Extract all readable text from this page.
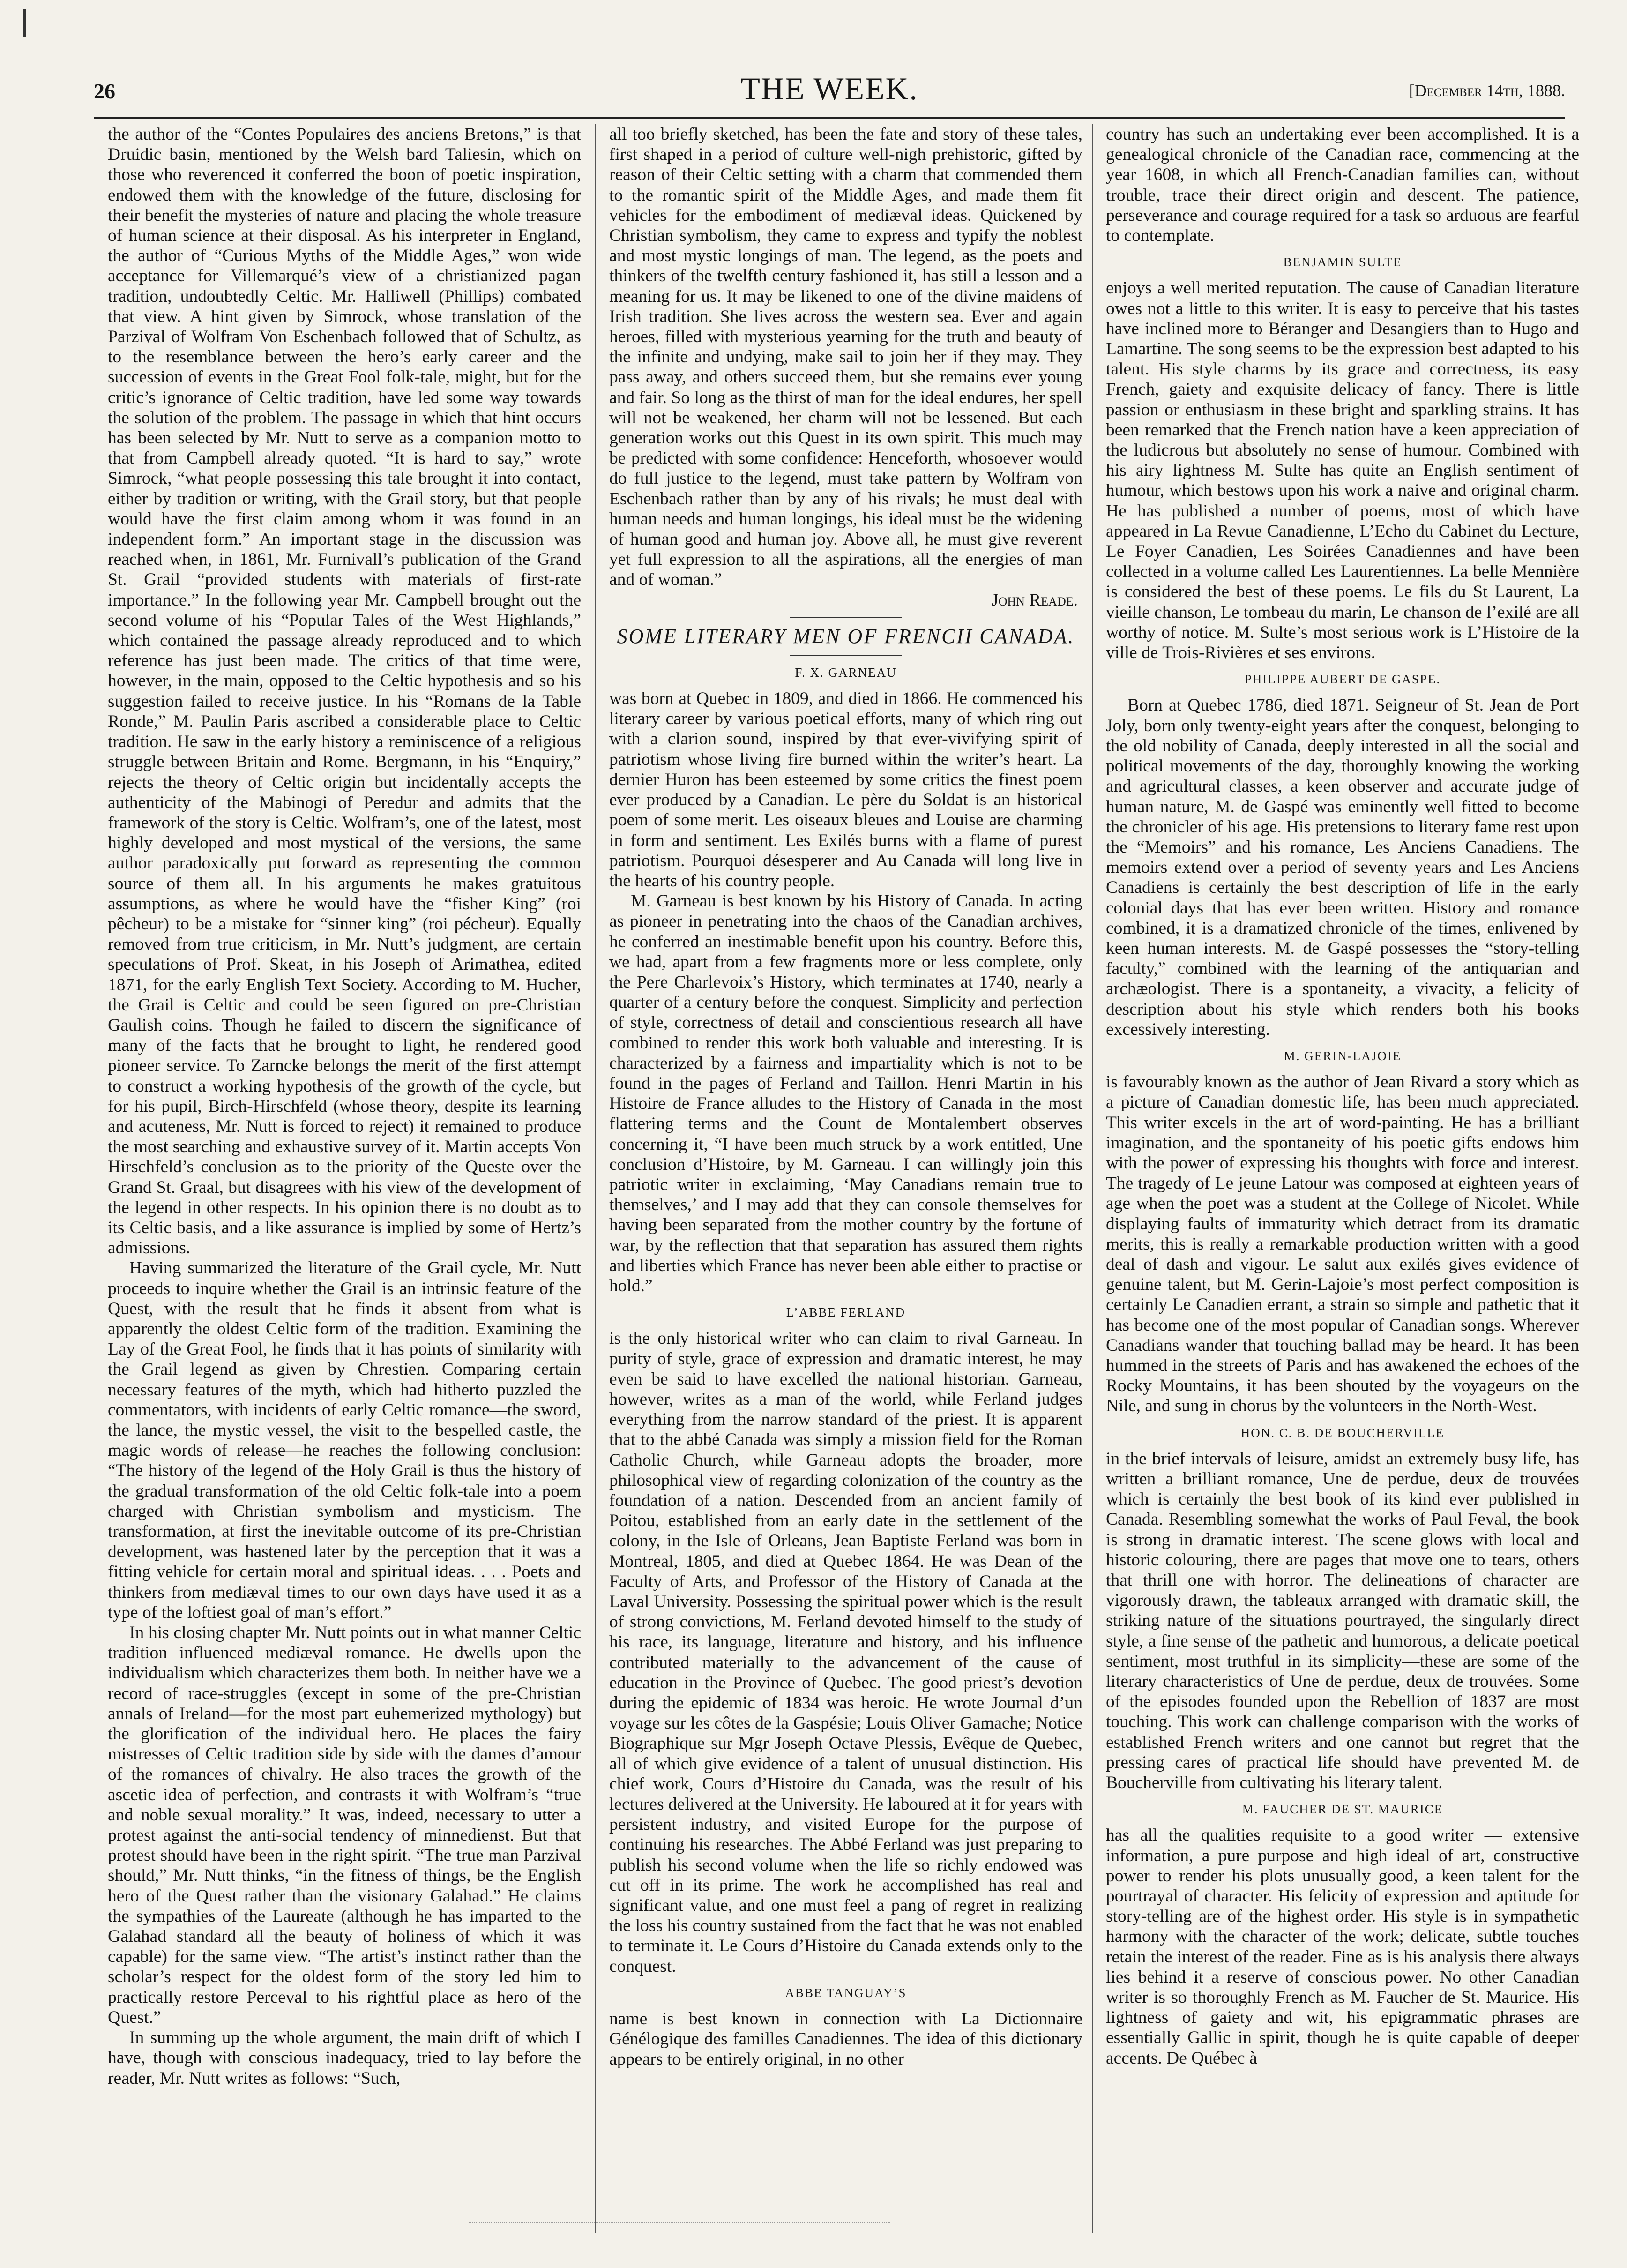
26	THE WEEK.	[December 14th, 1888.

the author of the “Contes Populaires des anciens Bretons,” is that Druidic basin, mentioned by the Welsh bard Taliesin, which on those who reverenced it conferred the boon of poetic inspiration, endowed them with the knowledge of the future, disclosing for their benefit the mysteries of nature and placing the whole treasure of human science at their disposal. As his interpreter in England, the author of “Curious Myths of the Middle Ages,” won wide acceptance for Villemarqué’s view of a christianized pagan tradition, undoubtedly Celtic. Mr. Halliwell (Phillips) combated that view. A hint given by Simrock, whose translation of the Parzival of Wolfram Von Eschenbach followed that of Schultz, as to the resemblance between the hero’s early career and the succession of events in the Great Fool folk-tale, might, but for the critic’s ignorance of Celtic tradition, have led some way towards the solution of the problem. The passage in which that hint occurs has been selected by Mr. Nutt to serve as a companion motto to that from Campbell already quoted. “It is hard to say,” wrote Simrock, “what people possessing this tale brought it into contact, either by tradition or writing, with the Grail story, but that people would have the first claim among whom it was found in an independent form.” An important stage in the discussion was reached when, in 1861, Mr. Furnivall’s publication of the Grand St. Grail “provided students with materials of first-rate importance.” In the following year Mr. Campbell brought out the second volume of his “Popular Tales of the West Highlands,” which contained the passage already reproduced and to which reference has just been made. The critics of that time were, however, in the main, opposed to the Celtic hypothesis and so his suggestion failed to receive justice. In his “Romans de la Table Ronde,” M. Paulin Paris ascribed a considerable place to Celtic tradition. He saw in the early history a reminiscence of a religious struggle between Britain and Rome. Bergmann, in his “Enquiry,” rejects the theory of Celtic origin but incidentally accepts the authenticity of the Mabinogi of Peredur and admits that the framework of the story is Celtic. Wolfram’s, one of the latest, most highly developed and most mystical of the versions, the same author paradoxically put forward as representing the common source of them all. In his arguments he makes gratuitous assumptions, as where he would have the “fisher King” (roi pêcheur) to be a mistake for “sinner king” (roi pécheur). Equally removed from true criticism, in Mr. Nutt’s judgment, are certain speculations of Prof. Skeat, in his Joseph of Arimathea, edited 1871, for the early English Text Society. According to M. Hucher, the Grail is Celtic and could be seen figured on pre-Christian Gaulish coins. Though he failed to discern the significance of many of the facts that he brought to light, he rendered good pioneer service. To Zarncke belongs the merit of the first attempt to construct a working hypothesis of the growth of the cycle, but for his pupil, Birch-Hirschfeld (whose theory, despite its learning and acuteness, Mr. Nutt is forced to reject) it remained to produce the most searching and exhaustive survey of it. Martin accepts Von Hirschfeld’s conclusion as to the priority of the Queste over the Grand St. Graal, but disagrees with his view of the development of the legend in other respects. In his opinion there is no doubt as to its Celtic basis, and a like assurance is implied by some of Hertz’s admissions.

Having summarized the literature of the Grail cycle, Mr. Nutt proceeds to inquire whether the Grail is an intrinsic feature of the Quest, with the result that he finds it absent from what is apparently the oldest Celtic form of the tradition. Examining the Lay of the Great Fool, he finds that it has points of similarity with the Grail legend as given by Chrestien. Comparing certain necessary features of the myth, which had hitherto puzzled the commentators, with incidents of early Celtic romance—the sword, the lance, the mystic vessel, the visit to the bespelled castle, the magic words of release—he reaches the following conclusion: “The history of the legend of the Holy Grail is thus the history of the gradual transformation of the old Celtic folk-tale into a poem charged with Christian symbolism and mysticism. The transformation, at first the inevitable outcome of its pre-Christian development, was hastened later by the perception that it was a fitting vehicle for certain moral and spiritual ideas. . . . Poets and thinkers from mediæval times to our own days have used it as a type of the loftiest goal of man’s effort.”

In his closing chapter Mr. Nutt points out in what manner Celtic tradition influenced mediæval romance. He dwells upon the individualism which characterizes them both. In neither have we a record of race-struggles (except in some of the pre-Christian annals of Ireland—for the most part euhemerized mythology) but the glorification of the individual hero. He places the fairy mistresses of Celtic tradition side by side with the dames d’amour of the romances of chivalry. He also traces the growth of the ascetic idea of perfection, and contrasts it with Wolfram’s “true and noble sexual morality.” It was, indeed, necessary to utter a protest against the anti-social tendency of minnedienst. But that protest should have been in the right spirit. “The true man Parzival should,” Mr. Nutt thinks, “in the fitness of things, be the English hero of the Quest rather than the visionary Galahad.” He claims the sympathies of the Laureate (although he has imparted to the Galahad standard all the beauty of holiness of which it was capable) for the same view. “The artist’s instinct rather than the scholar’s respect for the oldest form of the story led him to practically restore Perceval to his rightful place as hero of the Quest.”

In summing up the whole argument, the main drift of which I have, though with conscious inadequacy, tried to lay before the reader, Mr. Nutt writes as follows: “Such,

all too briefly sketched, has been the fate and story of these tales, first shaped in a period of culture well-nigh prehistoric, gifted by reason of their Celtic setting with a charm that commended them to the romantic spirit of the Middle Ages, and made them fit vehicles for the embodiment of mediæval ideas. Quickened by Christian symbolism, they came to express and typify the noblest and most mystic longings of man. The legend, as the poets and thinkers of the twelfth century fashioned it, has still a lesson and a meaning for us. It may be likened to one of the divine maidens of Irish tradition. She lives across the western sea. Ever and again heroes, filled with mysterious yearning for the truth and beauty of the infinite and undying, make sail to join her if they may. They pass away, and others succeed them, but she remains ever young and fair. So long as the thirst of man for the ideal endures, her spell will not be weakened, her charm will not be lessened. But each generation works out this Quest in its own spirit. This much may be predicted with some confidence: Henceforth, whosoever would do full justice to the legend, must take pattern by Wolfram von Eschenbach rather than by any of his rivals; he must deal with human needs and human longings, his ideal must be the widening of human good and human joy. Above all, he must give reverent yet full expression to all the aspirations, all the energies of man and of woman.”

John Reade.
SOME LITERARY MEN OF FRENCH CANADA.
F. X. GARNEAU

was born at Quebec in 1809, and died in 1866. He commenced his literary career by various poetical efforts, many of which ring out with a clarion sound, inspired by that ever-vivifying spirit of patriotism whose living fire burned within the writer’s heart. La dernier Huron has been esteemed by some critics the finest poem ever produced by a Canadian. Le père du Soldat is an historical poem of some merit. Les oiseaux bleues and Louise are charming in form and sentiment. Les Exilés burns with a flame of purest patriotism. Pourquoi désesperer and Au Canada will long live in the hearts of his country people.

M. Garneau is best known by his History of Canada. In acting as pioneer in penetrating into the chaos of the Canadian archives, he conferred an inestimable benefit upon his country. Before this, we had, apart from a few fragments more or less complete, only the Pere Charlevoix’s History, which terminates at 1740, nearly a quarter of a century before the conquest. Simplicity and perfection of style, correctness of detail and conscientious research all have combined to render this work both valuable and interesting. It is characterized by a fairness and impartiality which is not to be found in the pages of Ferland and Taillon. Henri Martin in his Histoire de France alludes to the History of Canada in the most flattering terms and the Count de Montalembert observes concerning it, “I have been much struck by a work entitled, Une conclusion d’Histoire, by M. Garneau. I can willingly join this patriotic writer in exclaiming, ‘May Canadians remain true to themselves,’ and I may add that they can console themselves for having been separated from the mother country by the fortune of war, by the reflection that that separation has assured them rights and liberties which France has never been able either to practise or hold.”

L’ABBE FERLAND

is the only historical writer who can claim to rival Garneau. In purity of style, grace of expression and dramatic interest, he may even be said to have excelled the national historian. Garneau, however, writes as a man of the world, while Ferland judges everything from the narrow standard of the priest. It is apparent that to the abbé Canada was simply a mission field for the Roman Catholic Church, while Garneau adopts the broader, more philosophical view of regarding colonization of the country as the foundation of a nation. Descended from an ancient family of Poitou, established from an early date in the settlement of the colony, in the Isle of Orleans, Jean Baptiste Ferland was born in Montreal, 1805, and died at Quebec 1864. He was Dean of the Faculty of Arts, and Professor of the History of Canada at the Laval University. Possessing the spiritual power which is the result of strong convictions, M. Ferland devoted himself to the study of his race, its language, literature and history, and his influence contributed materially to the advancement of the cause of education in the Province of Quebec. The good priest’s devotion during the epidemic of 1834 was heroic. He wrote Journal d’un voyage sur les côtes de la Gaspésie; Louis Oliver Gamache; Notice Biographique sur Mgr Joseph Octave Plessis, Evêque de Quebec, all of which give evidence of a talent of unusual distinction. His chief work, Cours d’Histoire du Canada, was the result of his lectures delivered at the University. He laboured at it for years with persistent industry, and visited Europe for the purpose of continuing his researches. The Abbé Ferland was just preparing to publish his second volume when the life so richly endowed was cut off in its prime. The work he accomplished has real and significant value, and one must feel a pang of regret in realizing the loss his country sustained from the fact that he was not enabled to terminate it. Le Cours d’Histoire du Canada extends only to the conquest.

ABBE TANGUAY’S

name is best known in connection with La Dictionnaire Génélogique des familles Canadiennes. The idea of this dictionary appears to be entirely original, in no other

country has such an undertaking ever been accomplished. It is a genealogical chronicle of the Canadian race, commencing at the year 1608, in which all French-Canadian families can, without trouble, trace their direct origin and descent. The patience, perseverance and courage required for a task so arduous are fearful to contemplate.

BENJAMIN SULTE

enjoys a well merited reputation. The cause of Canadian literature owes not a little to this writer. It is easy to perceive that his tastes have inclined more to Béranger and Desangiers than to Hugo and Lamartine. The song seems to be the expression best adapted to his talent. His style charms by its grace and correctness, its easy French, gaiety and exquisite delicacy of fancy. There is little passion or enthusiasm in these bright and sparkling strains. It has been remarked that the French nation have a keen appreciation of the ludicrous but absolutely no sense of humour. Combined with his airy lightness M. Sulte has quite an English sentiment of humour, which bestows upon his work a naive and original charm. He has published a number of poems, most of which have appeared in La Revue Canadienne, L’Echo du Cabinet du Lecture, Le Foyer Canadien, Les Soirées Canadiennes and have been collected in a volume called Les Laurentiennes. La belle Mennière is considered the best of these poems. Le fils du St Laurent, La vieille chanson, Le tombeau du marin, Le chanson de l’exilé are all worthy of notice. M. Sulte’s most serious work is L’Histoire de la ville de Trois-Rivières et ses environs.

PHILIPPE AUBERT DE GASPE.

Born at Quebec 1786, died 1871. Seigneur of St. Jean de Port Joly, born only twenty-eight years after the conquest, belonging to the old nobility of Canada, deeply interested in all the social and political movements of the day, thoroughly knowing the working and agricultural classes, a keen observer and accurate judge of human nature, M. de Gaspé was eminently well fitted to become the chronicler of his age. His pretensions to literary fame rest upon the “Memoirs” and his romance, Les Anciens Canadiens. The memoirs extend over a period of seventy years and Les Anciens Canadiens is certainly the best description of life in the early colonial days that has ever been written. History and romance combined, it is a dramatized chronicle of the times, enlivened by keen human interests. M. de Gaspé possesses the “story-telling faculty,” combined with the learning of the antiquarian and archæologist. There is a spontaneity, a vivacity, a felicity of description about his style which renders both his books excessively interesting.

M. GERIN-LAJOIE

is favourably known as the author of Jean Rivard a story which as a picture of Canadian domestic life, has been much appreciated. This writer excels in the art of word-painting. He has a brilliant imagination, and the spontaneity of his poetic gifts endows him with the power of expressing his thoughts with force and interest. The tragedy of Le jeune Latour was composed at eighteen years of age when the poet was a student at the College of Nicolet. While displaying faults of immaturity which detract from its dramatic merits, this is really a remarkable production written with a good deal of dash and vigour. Le salut aux exilés gives evidence of genuine talent, but M. Gerin-Lajoie’s most perfect composition is certainly Le Canadien errant, a strain so simple and pathetic that it has become one of the most popular of Canadian songs. Wherever Canadians wander that touching ballad may be heard. It has been hummed in the streets of Paris and has awakened the echoes of the Rocky Mountains, it has been shouted by the voyageurs on the Nile, and sung in chorus by the volunteers in the North-West.

HON. C. B. DE BOUCHERVILLE

in the brief intervals of leisure, amidst an extremely busy life, has written a brilliant romance, Une de perdue, deux de trouvées which is certainly the best book of its kind ever published in Canada. Resembling somewhat the works of Paul Feval, the book is strong in dramatic interest. The scene glows with local and historic colouring, there are pages that move one to tears, others that thrill one with horror. The delineations of character are vigorously drawn, the tableaux arranged with dramatic skill, the striking nature of the situations pourtrayed, the singularly direct style, a fine sense of the pathetic and humorous, a delicate poetical sentiment, most truthful in its simplicity—these are some of the literary characteristics of Une de perdue, deux de trouvées. Some of the episodes founded upon the Rebellion of 1837 are most touching. This work can challenge comparison with the works of established French writers and one cannot but regret that the pressing cares of practical life should have prevented M. de Boucherville from cultivating his literary talent.

M. FAUCHER DE ST. MAURICE

has all the qualities requisite to a good writer — extensive information, a pure purpose and high ideal of art, constructive power to render his plots unusually good, a keen talent for the pourtrayal of character. His felicity of expression and aptitude for story-telling are of the highest order. His style is in sympathetic harmony with the character of the work; delicate, subtle touches retain the interest of the reader. Fine as is his analysis there always lies behind it a reserve of conscious power. No other Canadian writer is so thoroughly French as M. Faucher de St. Maurice. His lightness of gaiety and wit, his epigrammatic phrases are essentially Gallic in spirit, though he is quite capable of deeper accents. De Québec à
